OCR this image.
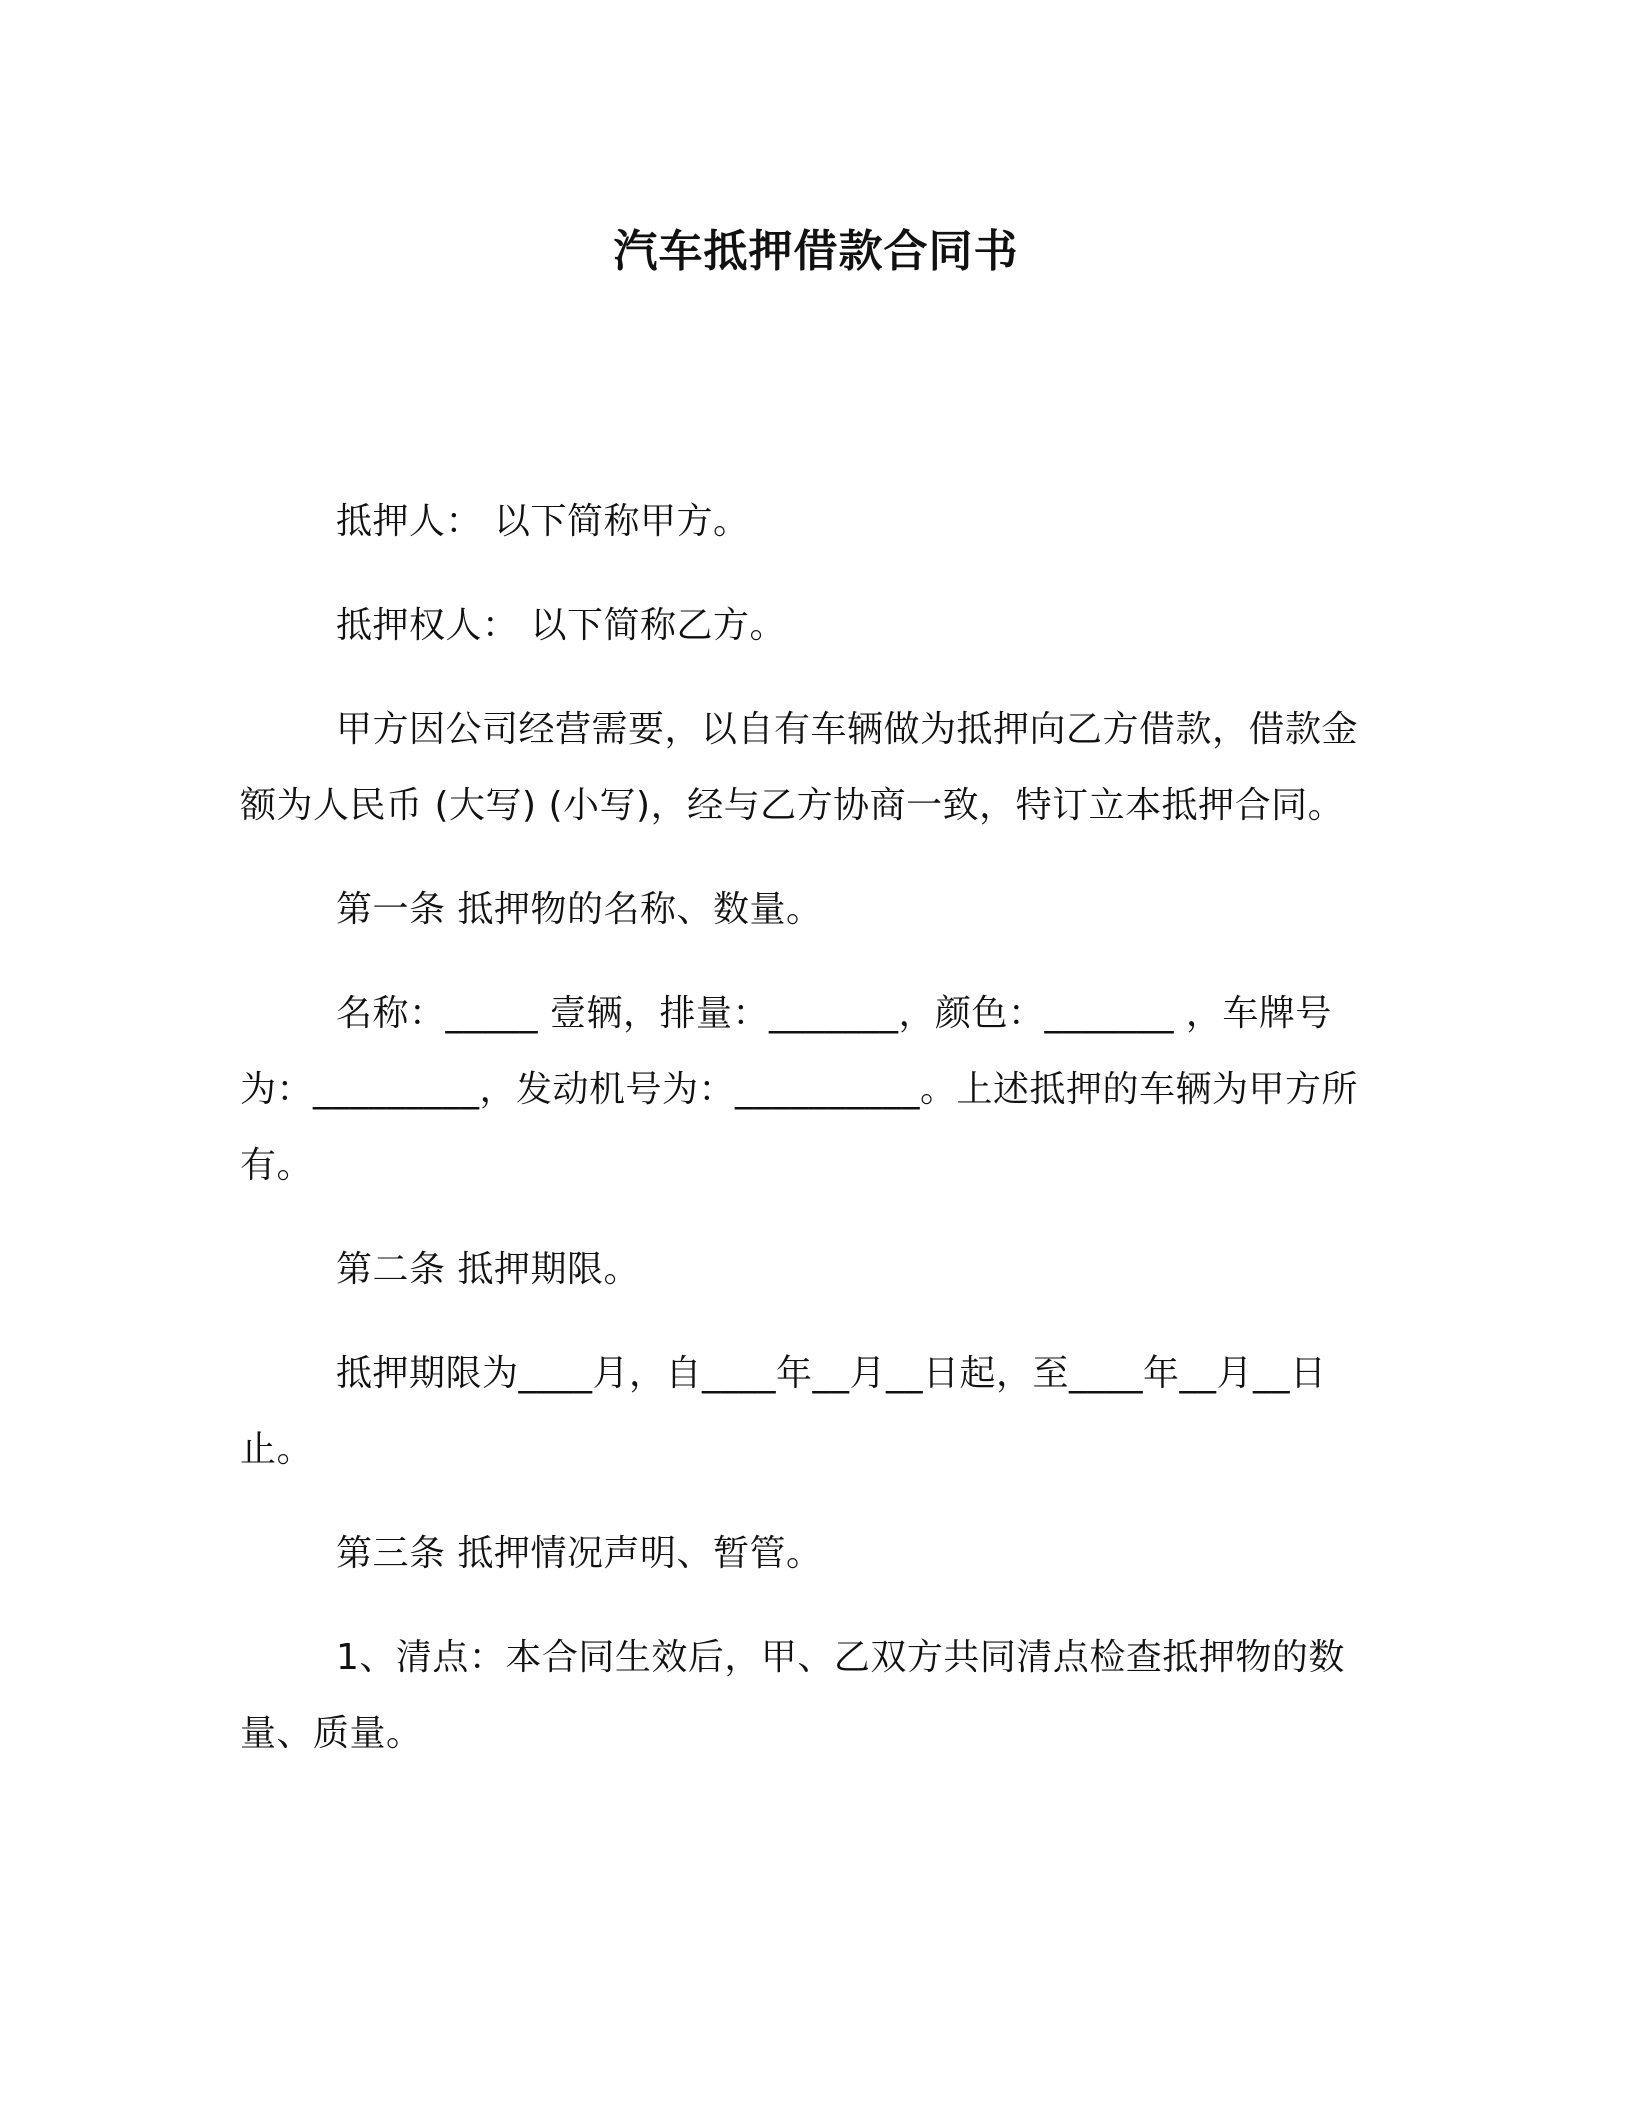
汽车抵押借款合同书

抵押人： 以下简称甲方。

抵押权人： 以下简称乙方。

甲方因公司经营需要，以自有车辆做为抵押向乙方借款，借款金额为人民币 (大写) (小写)，经与乙方协商一致，特订立本抵押合同。

第一条 抵押物的名称、数量。

名称：_____ 壹辆，排量：_______，颜色：_______ ，车牌号为：_________，发动机号为：__________。上述抵押的车辆为甲方所有。

第二条 抵押期限。

抵押期限为____月，自____年__月__日起，至____年__月__日止。

第三条 抵押情况声明、暂管。

1、清点：本合同生效后，甲、乙双方共同清点检查抵押物的数量、质量。
